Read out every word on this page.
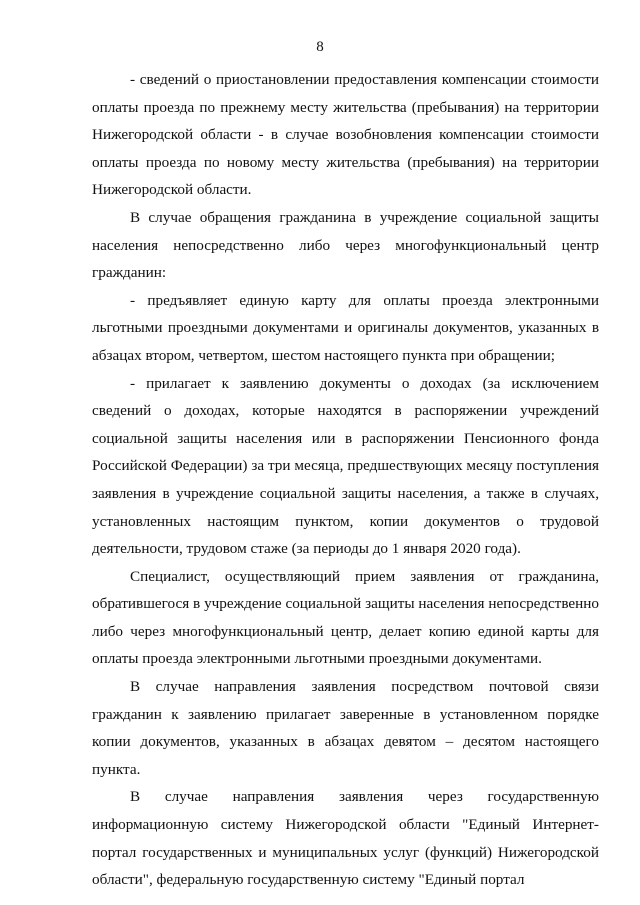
8

- сведений о приостановлении предоставления компенсации стоимости оплаты проезда по прежнему месту жительства (пребывания) на территории Нижегородской области - в случае возобновления компенсации стоимости оплаты проезда по новому месту жительства (пребывания) на территории Нижегородской области.

В случае обращения гражданина в учреждение социальной защиты населения непосредственно либо через многофункциональный центр гражданин:

- предъявляет единую карту для оплаты проезда электронными льготными проездными документами и оригиналы документов, указанных в абзацах втором, четвертом, шестом настоящего пункта при обращении;

- прилагает к заявлению документы о доходах (за исключением сведений о доходах, которые находятся в распоряжении учреждений социальной защиты населения или в распоряжении Пенсионного фонда Российской Федерации) за три месяца, предшествующих месяцу поступления заявления в учреждение социальной защиты населения, а также в случаях, установленных настоящим пунктом, копии документов о трудовой деятельности, трудовом стаже (за периоды до 1 января 2020 года).

Специалист, осуществляющий прием заявления от гражданина, обратившегося в учреждение социальной защиты населения непосредственно либо через многофункциональный центр, делает копию единой карты для оплаты проезда электронными льготными проездными документами.

В случае направления заявления посредством почтовой связи гражданин к заявлению прилагает заверенные в установленном порядке копии документов, указанных в абзацах девятом – десятом настоящего пункта.

В случае направления заявления через государственную информационную систему Нижегородской области "Единый Интернет-портал государственных и муниципальных услуг (функций) Нижегородской области", федеральную государственную систему "Единый портал
